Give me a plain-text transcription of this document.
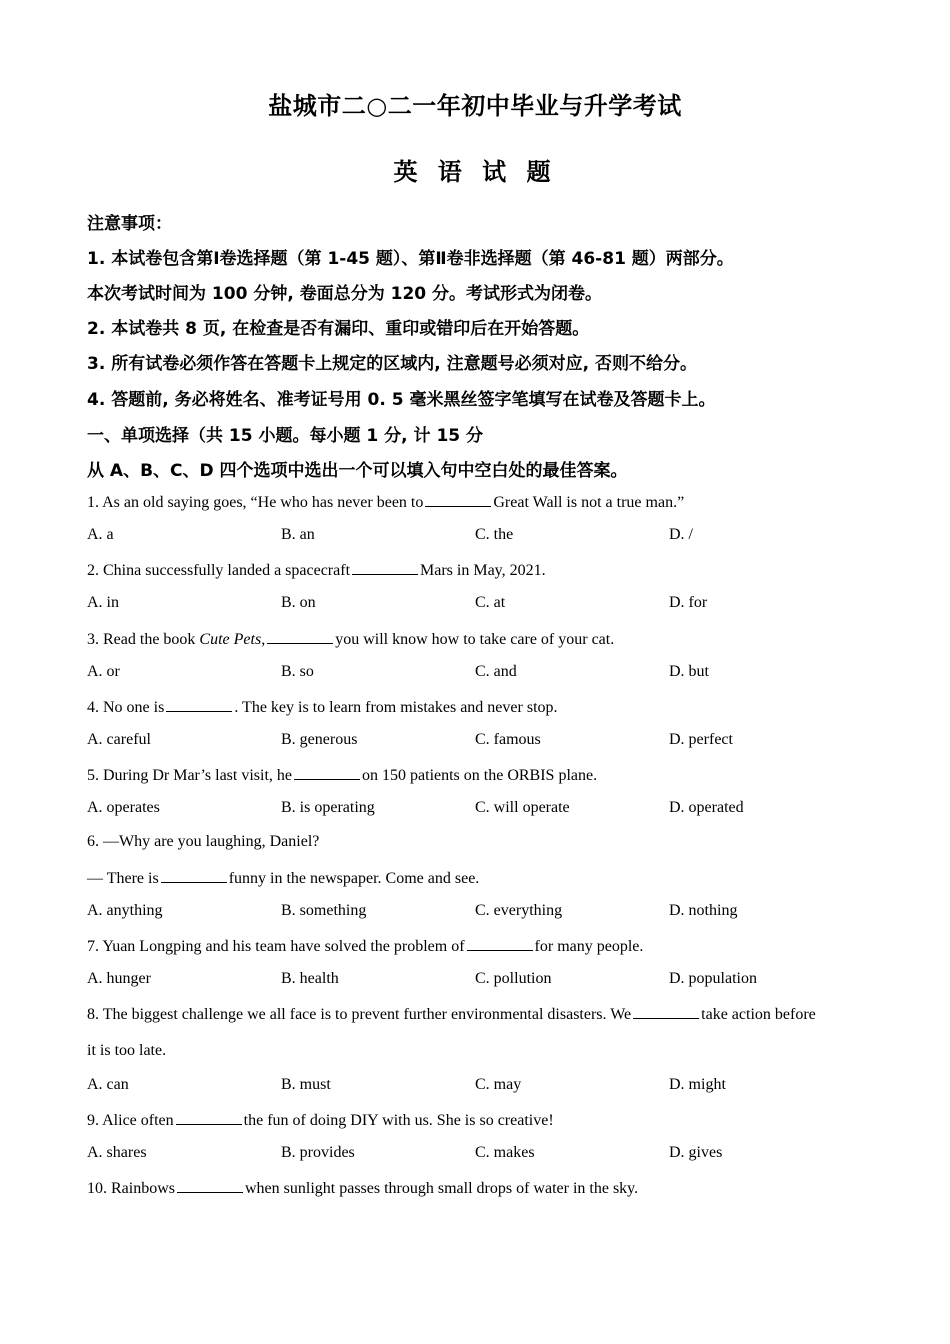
盐城市二○二一年初中毕业与升学考试
英 语 试 题
注意事项：
1. 本试卷包含第Ⅰ卷选择题（第 1-45 题）、第Ⅱ卷非选择题（第 46-81 题）两部分。
本次考试时间为 100 分钟, 卷面总分为 120 分。考试形式为闭卷。
2. 本试卷共 8 页, 在检查是否有漏印、重印或错印后在开始答题。
3. 所有试卷必须作答在答题卡上规定的区域内, 注意题号必须对应, 否则不给分。
4. 答题前, 务必将姓名、准考证号用 0. 5 毫米黑丝签字笔填写在试卷及答题卡上。
一、单项选择（共 15 小题。每小题 1 分, 计 15 分
从 A、B、C、D 四个选项中选出一个可以填入句中空白处的最佳答案。
1. As an old saying goes, “He who has never been to	Great Wall is not a true man.”
A. a	B. an	C. the	D. /
2. China successfully landed a spacecraft	Mars in May, 2021.
A. in	B. on	C. at	D. for
3. Read the book Cute Pets,	you will know how to take care of your cat.
A. or	B. so	C. and	D. but
4. No one is	. The key is to learn from mistakes and never stop.
A. careful	B. generous	C. famous	D. perfect
5. During Dr Mar’s last visit, he	on 150 patients on the ORBIS plane.
A. operates	B. is operating	C. will operate	D. operated
6. —Why are you laughing, Daniel?
— There is	funny in the newspaper. Come and see.
A. anything	B. something	C. everything	D. nothing
7. Yuan Longping and his team have solved the problem of	for many people.
A. hunger	B. health	C. pollution	D. population
8. The biggest challenge we all face is to prevent further environmental disasters. We	take action before
it is too late.
A. can	B. must	C. may	D. might
9. Alice often	the fun of doing DIY with us. She is so creative!
A. shares	B. provides	C. makes	D. gives
10. Rainbows	when sunlight passes through small drops of water in the sky.
